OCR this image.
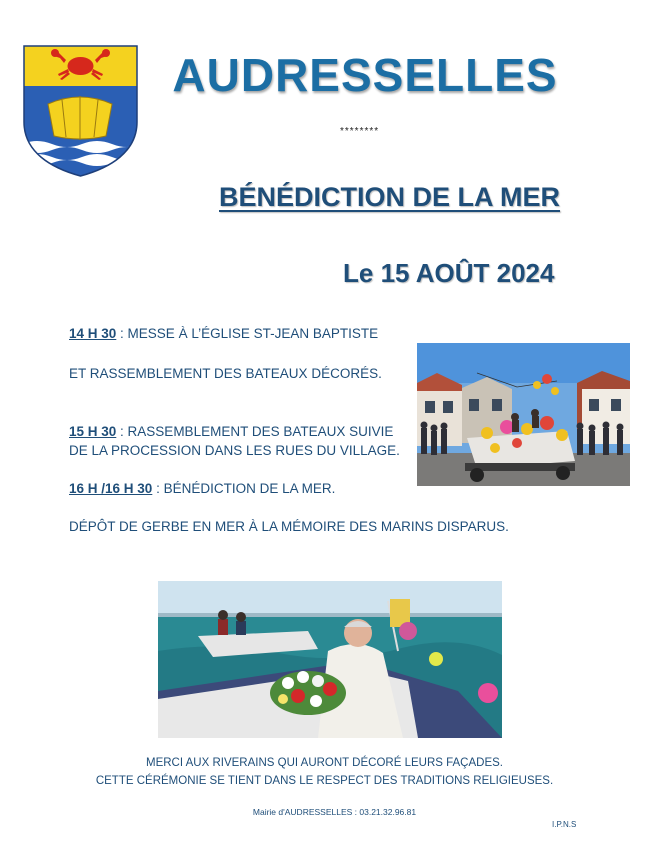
AUDRESSELLES
********
BÉNÉDICTION DE LA MER
Le 15 AOÛT 2024
14 H 30 : MESSE À L’ÉGLISE ST-JEAN BAPTISTE
ET RASSEMBLEMENT DES BATEAUX DÉCORÉS.
15 H 30 : RASSEMBLEMENT DES BATEAUX SUIVIE
DE LA PROCESSION DANS LES RUES DU VILLAGE.
16 H /16 H 30 : BÉNÉDICTION DE LA MER.
DÉPÔT DE GERBE EN MER À LA MÉMOIRE DES MARINS DISPARUS.
MERCI AUX RIVERAINS QUI AURONT DÉCORÉ LEURS FAÇADES.
CETTE CÉRÉMONIE SE TIENT DANS LE RESPECT DES TRADITIONS RELIGIEUSES.
Mairie d'AUDRESSELLES : 03.21.32.96.81
I.P.N.S
